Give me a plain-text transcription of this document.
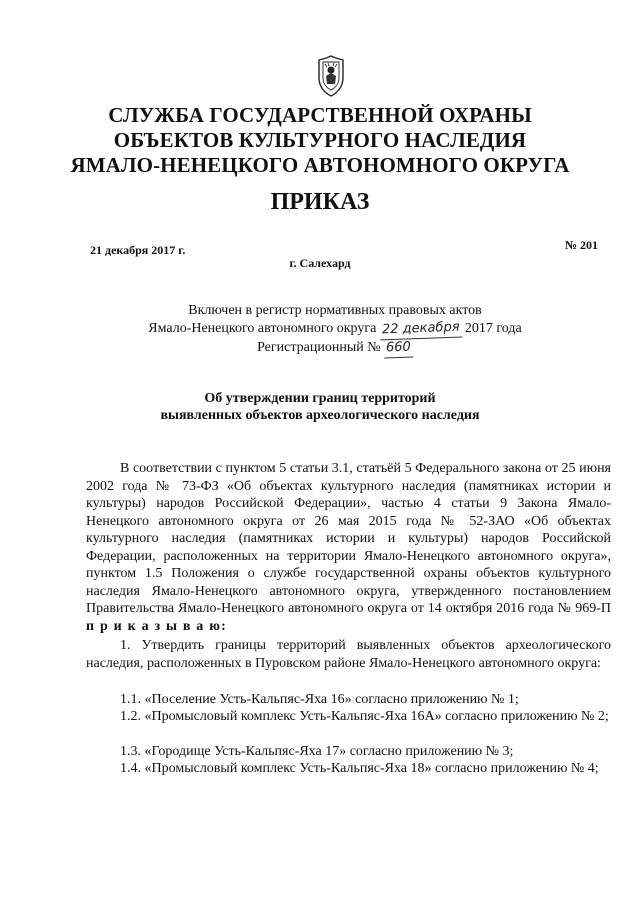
СЛУЖБА ГОСУДАРСТВЕННОЙ ОХРАНЫ
ОБЪЕКТОВ КУЛЬТУРНОГО НАСЛЕДИЯ
ЯМАЛО-НЕНЕЦКОГО АВТОНОМНОГО ОКРУГА
ПРИКАЗ
21 декабря 2017 г.	№ 201
г. Салехард
Включен в регистр нормативных правовых актов
Ямало-Ненецкого автономного округа 22 декабря 2017 года
Регистрационный № 660
Об утверждении границ территорий
выявленных объектов археологического наследия
В соответствии с пунктом 5 статьи 3.1, статьёй 5 Федерального закона от 25 июня 2002 года № 73-ФЗ «Об объектах культурного наследия (памятниках истории и культуры) народов Российской Федерации», частью 4 статьи 9 Закона Ямало-Ненецкого автономного округа от 26 мая 2015 года № 52-ЗАО «Об объектах культурного наследия (памятниках истории и культуры) народов Российской Федерации, расположенных на территории Ямало-Ненецкого автономного округа», пунктом 1.5 Положения о службе государственной охраны объектов культурного наследия Ямало-Ненецкого автономного округа, утвержденного постановлением Правительства Ямало-Ненецкого автономного округа от 14 октября 2016 года № 969-П п р и к а з ы в а ю:
1. Утвердить границы территорий выявленных объектов археологического наследия, расположенных в Пуровском районе Ямало-Ненецкого автономного округа:
1.1. «Поселение Усть-Кальпяс-Яха 16» согласно приложению № 1;
1.2. «Промысловый комплекс Усть-Кальпяс-Яха 16А» согласно приложению № 2;
1.3. «Городище Усть-Кальпяс-Яха 17» согласно приложению № 3;
1.4. «Промысловый комплекс Усть-Кальпяс-Яха 18» согласно приложению № 4;
